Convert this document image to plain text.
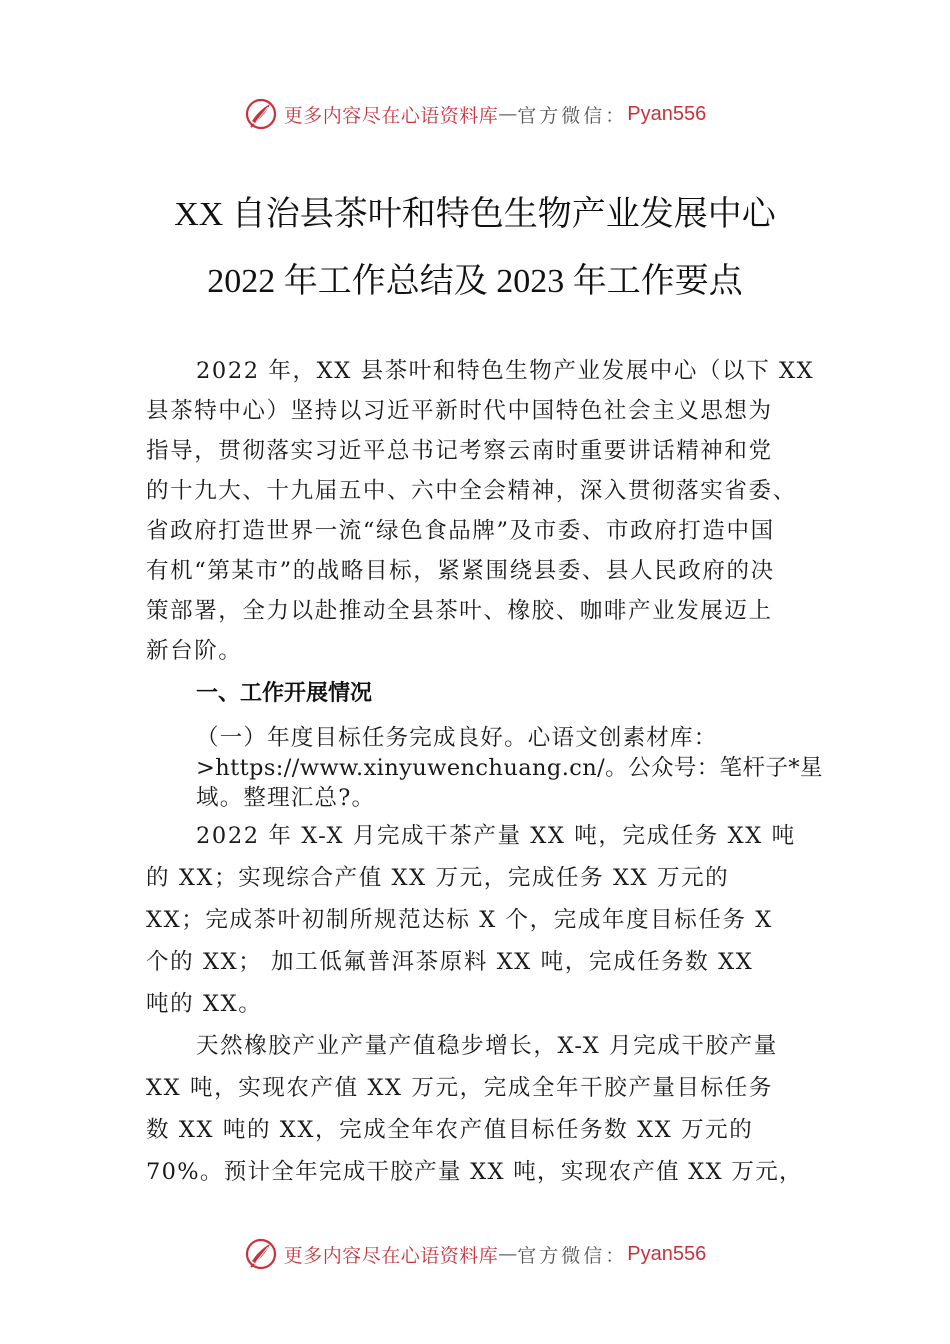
更多内容尽在心语资料库 — 官方微信： Pyan556
XX 自治县茶叶和特色生物产业发展中心
2022 年工作总结及 2023 年工作要点
2022 年，XX 县茶叶和特色生物产业发展中心（以下 XX
县茶特中心）坚持以习近平新时代中国特色社会主义思想为
指导，贯彻落实习近平总书记考察云南时重要讲话精神和党
的十九大、十九届五中、六中全会精神，深入贯彻落实省委、
省政府打造世界一流“绿色食品牌”及市委、市政府打造中国
有机“第某市”的战略目标，紧紧围绕县委、县人民政府的决
策部署，全力以赴推动全县茶叶、橡胶、咖啡产业发展迈上
新台阶。
一、工作开展情况
（一）年度目标任务完成良好。心语文创素材库：
>https://www.xinyuwenchuang.cn/。公众号：笔杆子*星
域。整理汇总?。
2022 年 X-X 月完成干茶产量 XX 吨，完成任务 XX 吨
的 XX；实现综合产值 XX 万元，完成任务 XX 万元的
XX；完成茶叶初制所规范达标 X 个，完成年度目标任务 X
个的 XX； 加工低氟普洱茶原料 XX 吨，完成任务数 XX
吨的 XX。
天然橡胶产业产量产值稳步增长，X-X 月完成干胶产量
XX 吨，实现农产值 XX 万元，完成全年干胶产量目标任务
数 XX 吨的 XX，完成全年农产值目标任务数 XX 万元的
70%。预计全年完成干胶产量 XX 吨，实现农产值 XX 万元，
更多内容尽在心语资料库 — 官方微信： Pyan556
